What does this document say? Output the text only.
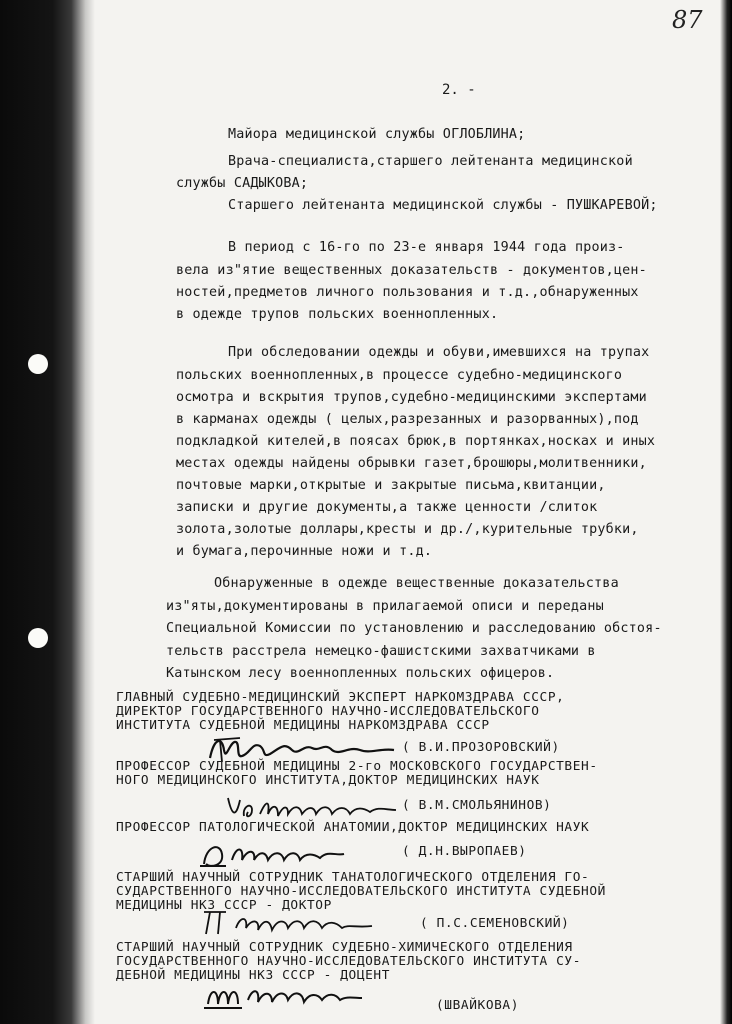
87
2. -
Майора медицинской службы ОГЛОБЛИНА;
Врача-специалиста,старшего лейтенанта медицинской
службы САДЫКОВА;
Старшего лейтенанта медицинской службы - ПУШКАРЕВОЙ;
В период с 16-го по 23-е января 1944 года произ-
вела из"ятие вещественных доказательств - документов,цен-
ностей,предметов личного пользования и т.д.,обнаруженных
в одежде трупов польских военнопленных.
При обследовании одежды и обуви,имевшихся на трупах
польских военнопленных,в процессе судебно-медицинского
осмотра и вскрытия трупов,судебно-медицинскими экспертами
в карманах одежды ( целых,разрезанных и разорванных),под
подкладкой кителей,в поясах брюк,в портянках,носках и иных
местах одежды найдены обрывки газет,брошюры,молитвенники,
почтовые марки,открытые и закрытые письма,квитанции,
записки и другие документы,а также ценности /слиток
золота,золотые доллары,кресты и др./,курительные трубки,
и бумага,перочинные ножи и т.д.
Обнаруженные в одежде вещественные доказательства
из"яты,документированы в прилагаемой описи и переданы
Специальной Комиссии по установлению и расследованию обстоя-
тельств расстрела немецко-фашистскими захватчиками в
Катынском лесу военнопленных польских офицеров.
ГЛАВНЫЙ СУДЕБНО-МЕДИЦИНСКИЙ ЭКСПЕРТ НАРКОМЗДРАВА СССР,
ДИРЕКТОР ГОСУДАРСТВЕННОГО НАУЧНО-ИССЛЕДОВАТЕЛЬСКОГО
ИНСТИТУТА СУДЕБНОЙ МЕДИЦИНЫ НАРКОМЗДРАВА СССР
( В.И.ПРОЗОРОВСКИЙ)
ПРОФЕССОР СУДЕБНОЙ МЕДИЦИНЫ 2-го МОСКОВСКОГО ГОСУДАРСТВЕН-
НОГО МЕДИЦИНСКОГО ИНСТИТУТА,ДОКТОР МЕДИЦИНСКИХ НАУК
( В.М.СМОЛЬЯНИНОВ)
ПРОФЕССОР ПАТОЛОГИЧЕСКОЙ АНАТОМИИ,ДОКТОР МЕДИЦИНСКИХ НАУК
( Д.Н.ВЫРОПАЕВ)
СТАРШИЙ НАУЧНЫЙ СОТРУДНИК ТАНАТОЛОГИЧЕСКОГО ОТДЕЛЕНИЯ ГО-
СУДАРСТВЕННОГО НАУЧНО-ИССЛЕДОВАТЕЛЬСКОГО ИНСТИТУТА СУДЕБНОЙ
МЕДИЦИНЫ НКЗ СССР - ДОКТОР
( П.С.СЕМЕНОВСКИЙ)
СТАРШИЙ НАУЧНЫЙ СОТРУДНИК СУДЕБНО-ХИМИЧЕСКОГО ОТДЕЛЕНИЯ
ГОСУДАРСТВЕННОГО НАУЧНО-ИССЛЕДОВАТЕЛЬСКОГО ИНСТИТУТА СУ-
ДЕБНОЙ МЕДИЦИНЫ НКЗ СССР - ДОЦЕНТ
(ШВАЙКОВА)
